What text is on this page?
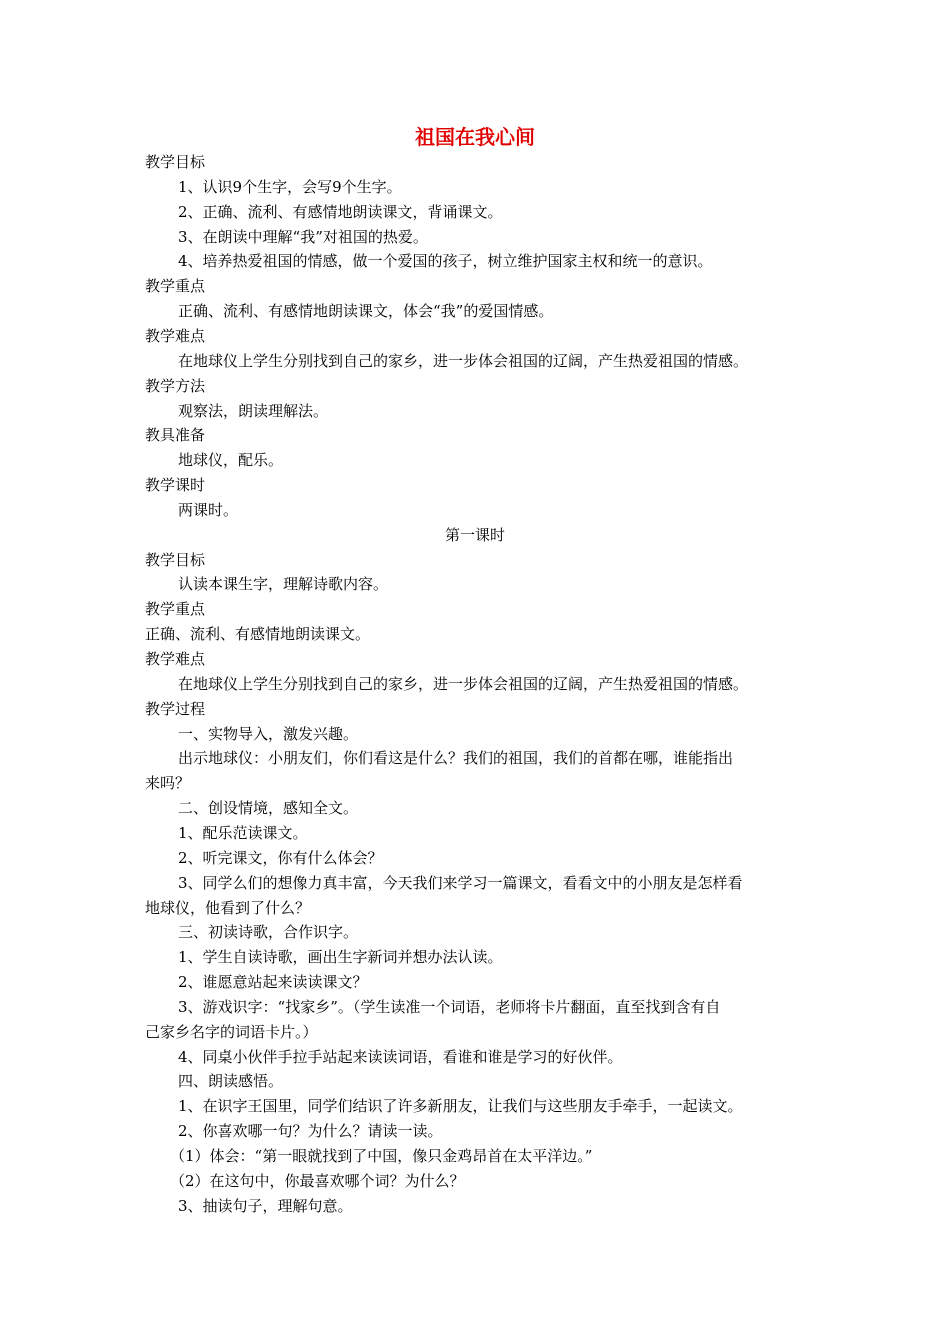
祖国在我心间
教学目标
1、认识9个生字，会写9个生字。
2、正确、流利、有感情地朗读课文，背诵课文。
3、在朗读中理解“我”对祖国的热爱。
4、培养热爱祖国的情感，做一个爱国的孩子，树立维护国家主权和统一的意识。
教学重点
正确、流利、有感情地朗读课文，体会“我”的爱国情感。
教学难点
在地球仪上学生分别找到自己的家乡，进一步体会祖国的辽阔，产生热爱祖国的情感。
教学方法
观察法，朗读理解法。
教具准备
地球仪，配乐。
教学课时
两课时。
第一课时
教学目标
认读本课生字，理解诗歌内容。
教学重点
正确、流利、有感情地朗读课文。
教学难点
在地球仪上学生分别找到自己的家乡，进一步体会祖国的辽阔，产生热爱祖国的情感。
教学过程
一、实物导入，激发兴趣。
出示地球仪：小朋友们，你们看这是什么？我们的祖国，我们的首都在哪，谁能指出
来吗？
二、创设情境，感知全文。
1、配乐范读课文。
2、听完课文，你有什么体会？
3、同学么们的想像力真丰富，今天我们来学习一篇课文，看看文中的小朋友是怎样看
地球仪，他看到了什么？
三、初读诗歌，合作识字。
1、学生自读诗歌，画出生字新词并想办法认读。
2、谁愿意站起来读读课文？
3、游戏识字：“找家乡”。（学生读准一个词语，老师将卡片翻面，直至找到含有自
己家乡名字的词语卡片。）
4、同桌小伙伴手拉手站起来读读词语，看谁和谁是学习的好伙伴。
四、朗读感悟。
1、在识字王国里，同学们结识了许多新朋友，让我们与这些朋友手牵手，一起读文。
2、你喜欢哪一句？为什么？请读一读。
（1）体会：“第一眼就找到了中国，像只金鸡昂首在太平洋边。”
（2）在这句中，你最喜欢哪个词？为什么？
3、抽读句子，理解句意。
